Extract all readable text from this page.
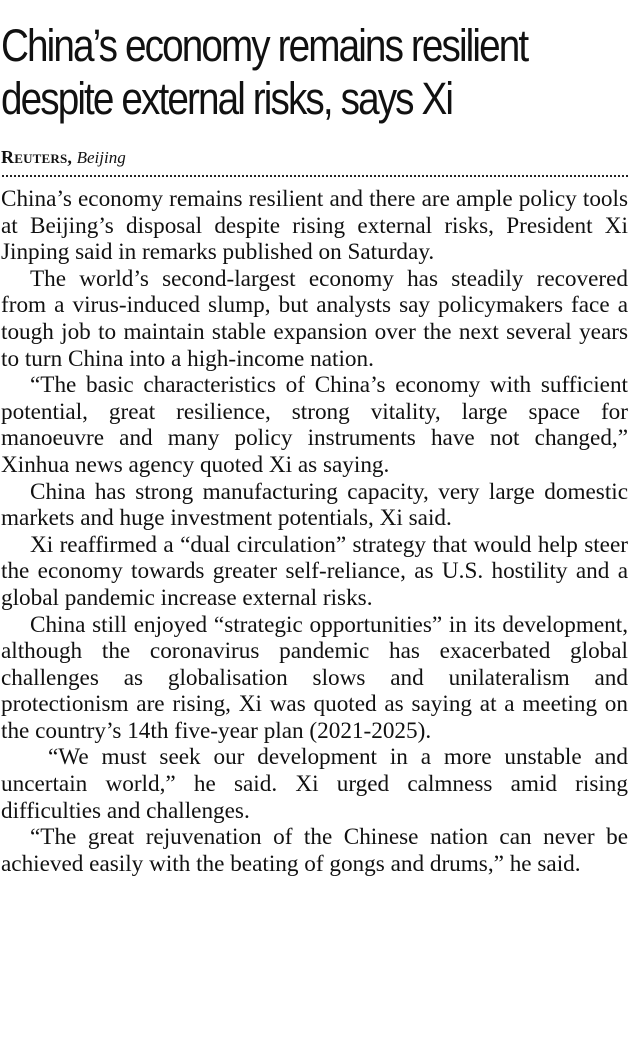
China’s economy remains resilient
despite external risks, says Xi
Reuters, Beijing

China’s economy remains resilient and there are ample policy tools at Beijing’s disposal despite rising external risks, President Xi Jinping said in remarks published on Saturday.

The world’s second-largest economy has steadily recovered from a virus-induced slump, but analysts say policymakers face a tough job to maintain stable expansion over the next several years to turn China into a high-income nation.

“The basic characteristics of China’s economy with sufficient potential, great resilience, strong vitality, large space for manoeuvre and many policy instruments have not changed,” Xinhua news agency quoted Xi as saying.

China has strong manufacturing capacity, very large domestic markets and huge investment potentials, Xi said.

Xi reaffirmed a “dual circulation” strategy that would help steer the economy towards greater self-reliance, as U.S. hostility and a global pandemic increase external risks.

China still enjoyed “strategic opportunities” in its development, although the coronavirus pandemic has exacerbated global challenges as globalisation slows and unilateralism and protectionism are rising, Xi was quoted as saying at a meeting on the country’s 14th five-year plan (2021-2025).

“We must seek our development in a more unstable and uncertain world,” he said. Xi urged calmness amid rising difficulties and challenges.

“The great rejuvenation of the Chinese nation can never be achieved easily with the beating of gongs and drums,” he said.
